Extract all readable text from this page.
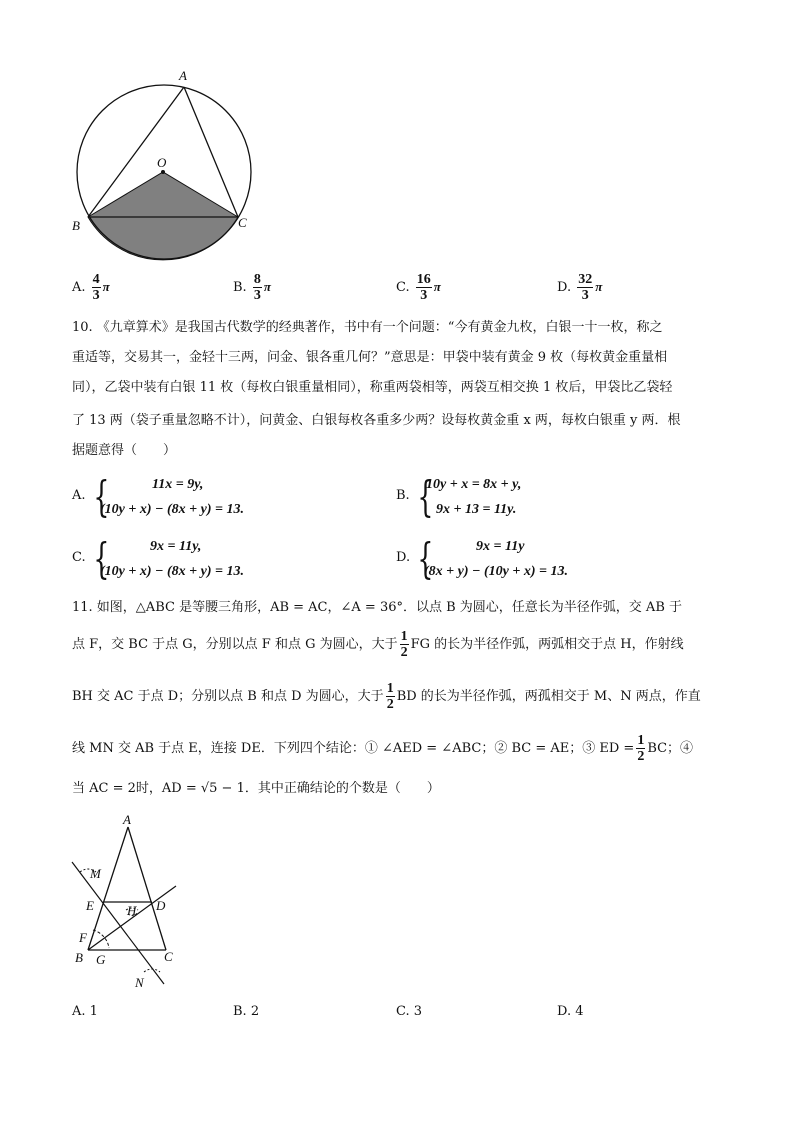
A
O
B	C
A. $\frac{4}{3}$ π	B. $\frac{8}{3}$ π	C. $\frac{16}{3}$ π	D. $\frac{32}{3}$ π
10. 《九章算术》是我国古代数学的经典著作，书中有一个问题：“今有黄金九枚，白银一十一枚，称之
重适等，交易其一，金轻十三两，问金、银各重几何？”意思是：甲袋中装有黄金 9 枚（每枚黄金重量相
同），乙袋中装有白银 11 枚（每枚白银重量相同），称重两袋相等，两袋互相交换 1 枚后，甲袋比乙袋轻
了 13 两（袋子重量忽略不计），问黄金、白银每枚各重多少两？设每枚黄金重 x 两，每枚白银重 y 两．根
据题意得（　　）
A. {	11x = 9y,
(10y + x) − (8x + y) = 13.
B. {
10y + x = 8x + y,
9x + 13 = 11y.
C. {	9x = 11y,
(10y + x) − (8x + y) = 13.
D. {	9x = 11y
(8x + y) − (10y + x) = 13.
11. 如图，△ABC 是等腰三角形，AB = AC，∠A = 36°．以点 B 为圆心，任意长为半径作弧，交 AB 于
点 F，交 BC 于点 G，分别以点 F 和点 G 为圆心，大于 $\frac{1}{2}$ FG 的长为半径作弧，两弧相交于点 H，作射线
BH 交 AC 于点 D；分别以点 B 和点 D 为圆心，大于 $\frac{1}{2}$ BD 的长为半径作弧，两孤相交于 M、N 两点，作直
线 MN 交 AB 于点 E，连接 DE．下列四个结论：① ∠AED = ∠ABC；② BC = AE；③ ED = $\frac{1}{2}$ BC；④
当 AC = 2时，AD = √5 − 1．其中正确结论的个数是（　　）
A
M
E	H D
F
B G	C
N
A. 1	B. 2	C. 3	D. 4
